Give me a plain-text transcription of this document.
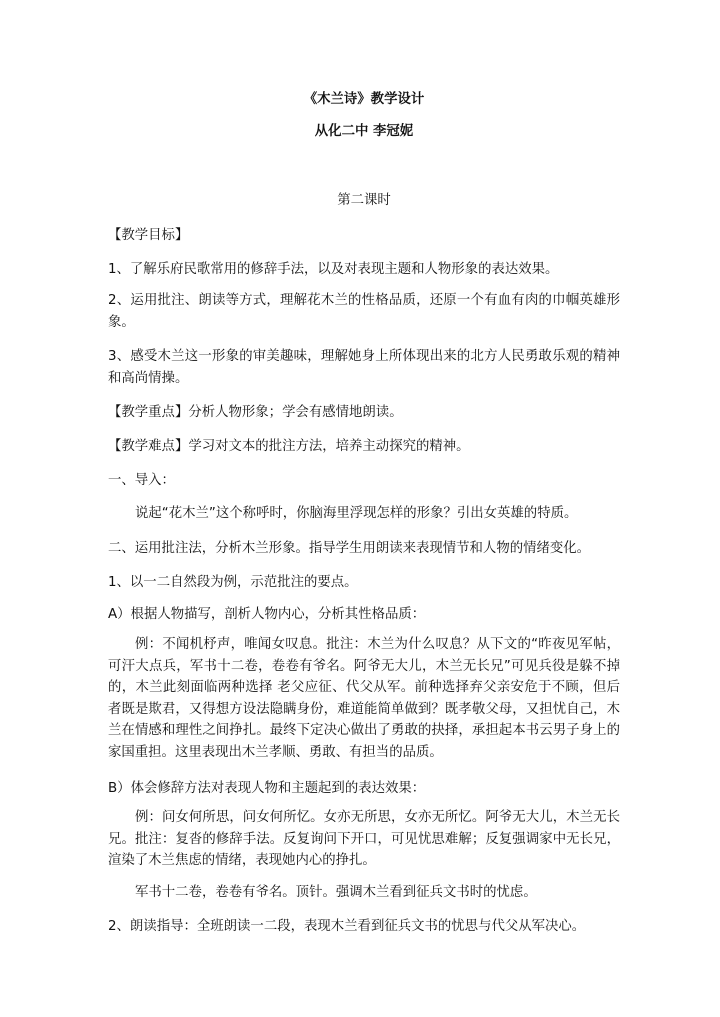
《木兰诗》教学设计

从化二中 李冠妮

第二课时

【教学目标】

1、了解乐府民歌常用的修辞手法，以及对表现主题和人物形象的表达效果。

2、运用批注、朗读等方式，理解花木兰的性格品质，还原一个有血有肉的巾帼英雄形象。

3、感受木兰这一形象的审美趣味，理解她身上所体现出来的北方人民勇敢乐观的精神和高尚情操。

【教学重点】分析人物形象；学会有感情地朗读。

【教学难点】学习对文本的批注方法，培养主动探究的精神。

一、导入：

说起“花木兰”这个称呼时，你脑海里浮现怎样的形象？引出女英雄的特质。

二、运用批注法，分析木兰形象。指导学生用朗读来表现情节和人物的情绪变化。

1、以一二自然段为例，示范批注的要点。

A）根据人物描写，剖析人物内心，分析其性格品质：

例：不闻机杼声，唯闻女叹息。批注：木兰为什么叹息？从下文的“昨夜见军帖，可汗大点兵，军书十二卷，卷卷有爷名。阿爷无大儿，木兰无长兄”可见兵役是躲不掉的，木兰此刻面临两种选择 老父应征、代父从军。前种选择弃父亲安危于不顾，但后者既是欺君，又得想方设法隐瞒身份，难道能简单做到？既孝敬父母，又担忧自己，木兰在情感和理性之间挣扎。最终下定决心做出了勇敢的抉择，承担起本书云男子身上的家国重担。这里表现出木兰孝顺、勇敢、有担当的品质。

B）体会修辞方法对表现人物和主题起到的表达效果：

例：问女何所思，问女何所忆。女亦无所思，女亦无所忆。阿爷无大儿，木兰无长兄。批注：复沓的修辞手法。反复询问下开口，可见忧思难解；反复强调家中无长兄，渲染了木兰焦虑的情绪，表现她内心的挣扎。

军书十二卷，卷卷有爷名。顶针。强调木兰看到征兵文书时的忧虑。

2、朗读指导：全班朗读一二段，表现木兰看到征兵文书的忧思与代父从军决心。
